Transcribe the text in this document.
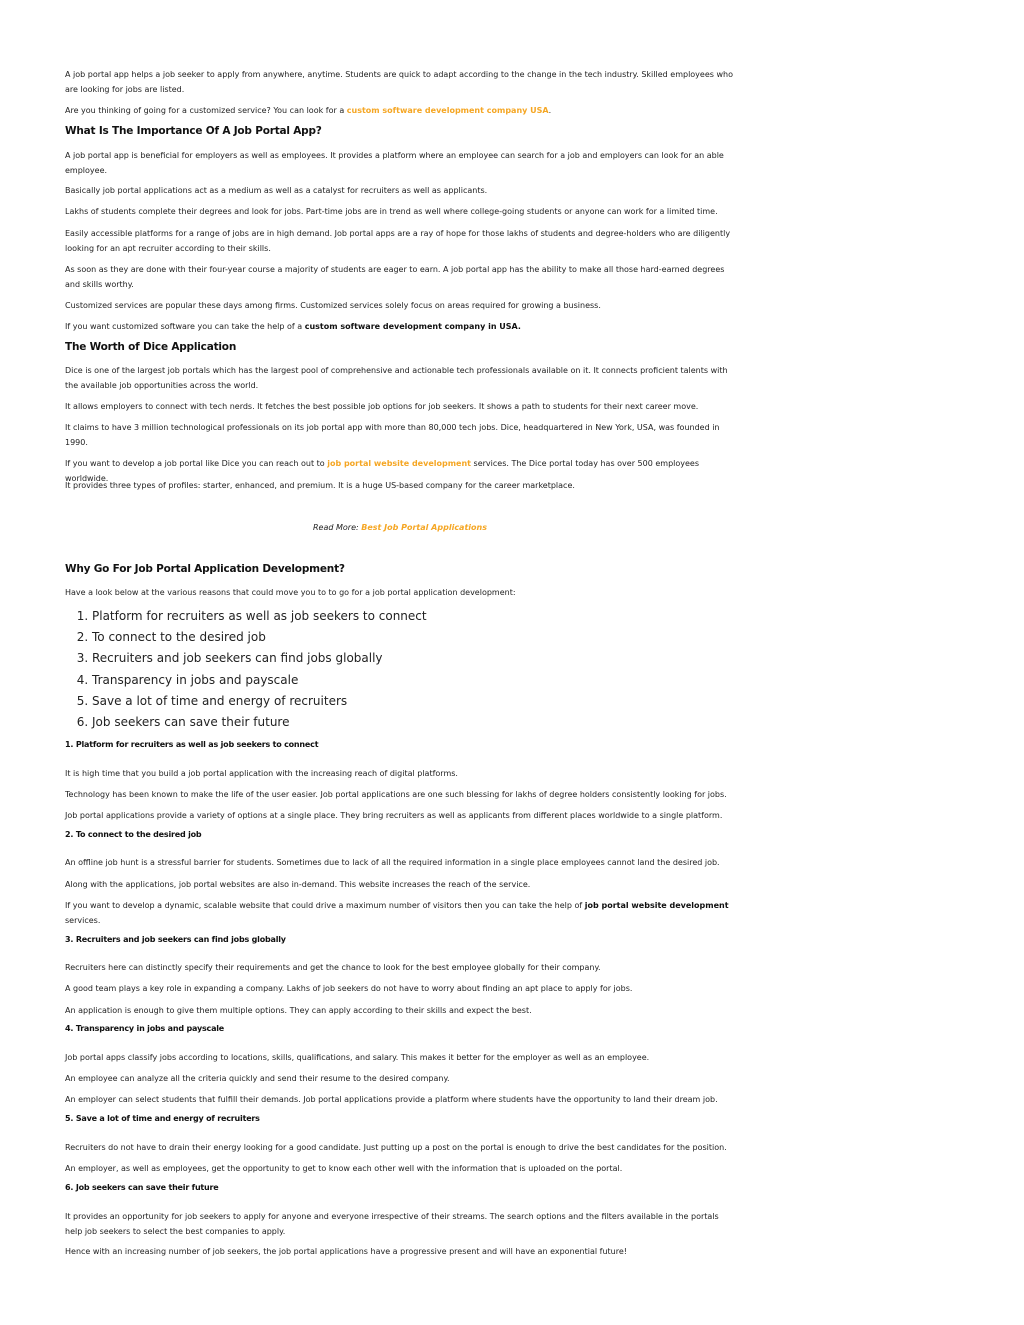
A job portal app helps a job seeker to apply from anywhere, anytime. Students are quick to adapt according to the change in the tech industry. Skilled employees who are looking for jobs are listed.

Are you thinking of going for a customized service? You can look for a custom software development company USA.

What Is The Importance Of A Job Portal App?

A job portal app is beneficial for employers as well as employees. It provides a platform where an employee can search for a job and employers can look for an able employee.

Basically job portal applications act as a medium as well as a catalyst for recruiters as well as applicants.

Lakhs of students complete their degrees and look for jobs. Part-time jobs are in trend as well where college-going students or anyone can work for a limited time.

Easily accessible platforms for a range of jobs are in high demand. Job portal apps are a ray of hope for those lakhs of students and degree-holders who are diligently looking for an apt recruiter according to their skills.

As soon as they are done with their four-year course a majority of students are eager to earn. A job portal app has the ability to make all those hard-earned degrees and skills worthy.

Customized services are popular these days among firms. Customized services solely focus on areas required for growing a business.

If you want customized software you can take the help of a custom software development company in USA.

The Worth of Dice Application

Dice is one of the largest job portals which has the largest pool of comprehensive and actionable tech professionals available on it. It connects proficient talents with the available job opportunities across the world.

It allows employers to connect with tech nerds. It fetches the best possible job options for job seekers. It shows a path to students for their next career move.

It claims to have 3 million technological professionals on its job portal app with more than 80,000 tech jobs. Dice, headquartered in New York, USA, was founded in 1990.

If you want to develop a job portal like Dice you can reach out to job portal website development services. The Dice portal today has over 500 employees worldwide.

It provides three types of profiles: starter, enhanced, and premium. It is a huge US-based company for the career marketplace.

Read More: Best Job Portal Applications

Why Go For Job Portal Application Development?

Have a look below at the various reasons that could move you to to go for a job portal application development:

1. Platform for recruiters as well as job seekers to connect
2. To connect to the desired job
3. Recruiters and job seekers can find jobs globally
4. Transparency in jobs and payscale
5. Save a lot of time and energy of recruiters
6. Job seekers can save their future
1. Platform for recruiters as well as job seekers to connect

It is high time that you build a job portal application with the increasing reach of digital platforms.

Technology has been known to make the life of the user easier. Job portal applications are one such blessing for lakhs of degree holders consistently looking for jobs.

Job portal applications provide a variety of options at a single place. They bring recruiters as well as applicants from different places worldwide to a single platform.

2. To connect to the desired job

An offline job hunt is a stressful barrier for students. Sometimes due to lack of all the required information in a single place employees cannot land the desired job.

Along with the applications, job portal websites are also in-demand. This website increases the reach of the service.

If you want to develop a dynamic, scalable website that could drive a maximum number of visitors then you can take the help of job portal website development services.

3. Recruiters and job seekers can find jobs globally

Recruiters here can distinctly specify their requirements and get the chance to look for the best employee globally for their company.

A good team plays a key role in expanding a company. Lakhs of job seekers do not have to worry about finding an apt place to apply for jobs.

An application is enough to give them multiple options. They can apply according to their skills and expect the best.

4. Transparency in jobs and payscale

Job portal apps classify jobs according to locations, skills, qualifications, and salary. This makes it better for the employer as well as an employee.

An employee can analyze all the criteria quickly and send their resume to the desired company.

An employer can select students that fulfill their demands. Job portal applications provide a platform where students have the opportunity to land their dream job.

5. Save a lot of time and energy of recruiters

Recruiters do not have to drain their energy looking for a good candidate. Just putting up a post on the portal is enough to drive the best candidates for the position.

An employer, as well as employees, get the opportunity to get to know each other well with the information that is uploaded on the portal.

6. Job seekers can save their future

It provides an opportunity for job seekers to apply for anyone and everyone irrespective of their streams. The search options and the filters available in the portals help job seekers to select the best companies to apply.

Hence with an increasing number of job seekers, the job portal applications have a progressive present and will have an exponential future!
